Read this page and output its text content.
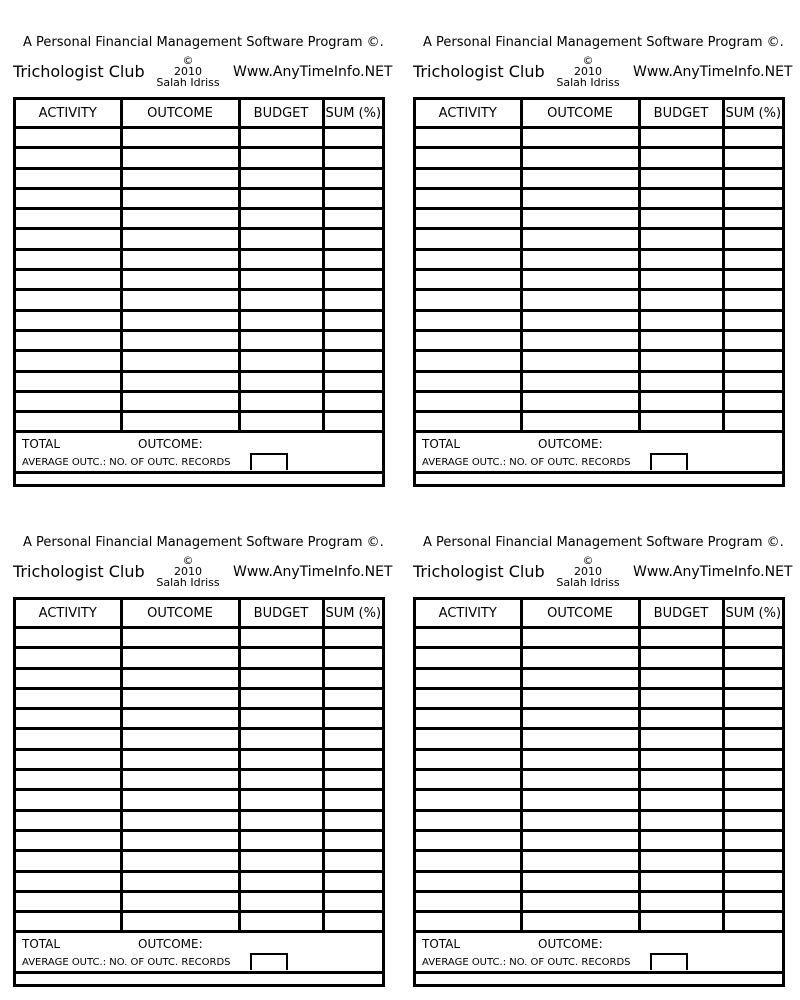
A Personal Financial Management Software Program ©.
Trichologist Club
©
2010
Salah Idriss
Www.AnyTimeInfo.NET
ACTIVITY	OUTCOME	BUDGET	SUM (%)

TOTAL	OUTCOME:
AVERAGE OUTC.: NO. OF OUTC. RECORDS
A Personal Financial Management Software Program ©.
Trichologist Club
©
2010
Salah Idriss
Www.AnyTimeInfo.NET
ACTIVITY	OUTCOME	BUDGET	SUM (%)

TOTAL	OUTCOME:
AVERAGE OUTC.: NO. OF OUTC. RECORDS
A Personal Financial Management Software Program ©.
Trichologist Club
©
2010
Salah Idriss
Www.AnyTimeInfo.NET
ACTIVITY	OUTCOME	BUDGET	SUM (%)

TOTAL	OUTCOME:
AVERAGE OUTC.: NO. OF OUTC. RECORDS
A Personal Financial Management Software Program ©.
Trichologist Club
©
2010
Salah Idriss
Www.AnyTimeInfo.NET
ACTIVITY	OUTCOME	BUDGET	SUM (%)

TOTAL	OUTCOME:
AVERAGE OUTC.: NO. OF OUTC. RECORDS
